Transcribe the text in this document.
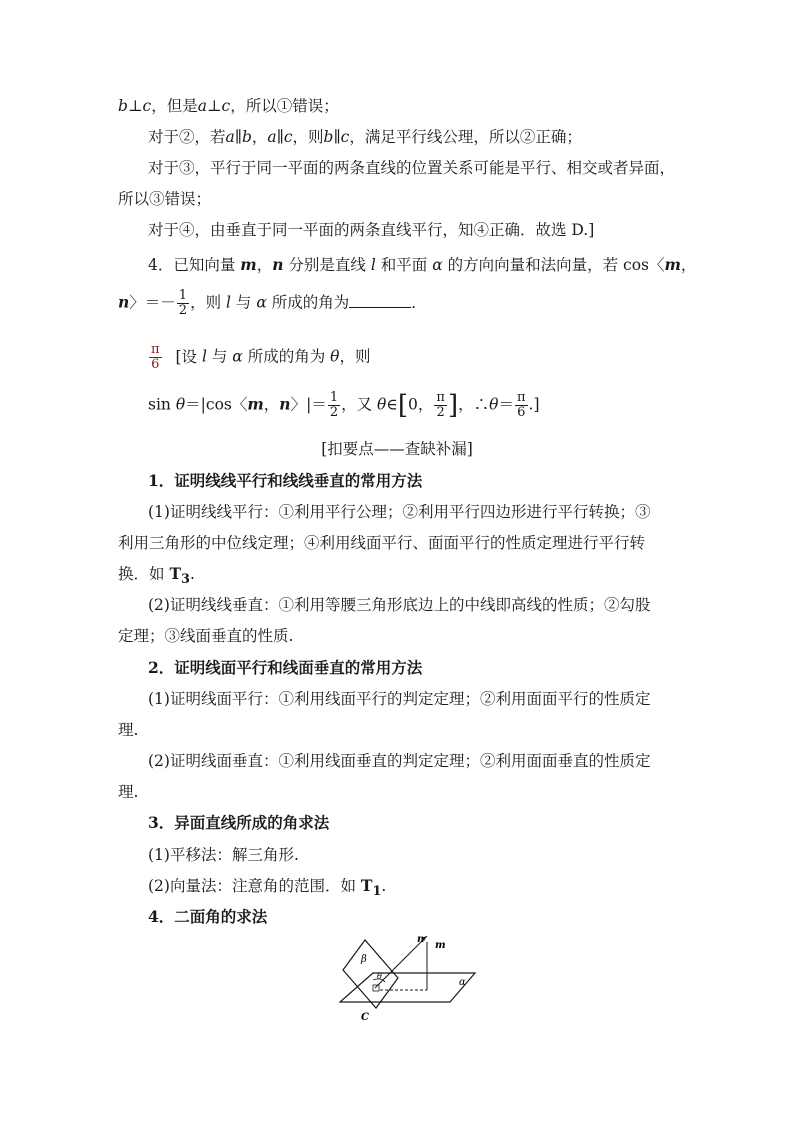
b⊥c，但是a⊥c，所以①错误；
对于②，若a∥b，a∥c，则b∥c，满足平行线公理，所以②正确；
对于③，平行于同一平面的两条直线的位置关系可能是平行、相交或者异面，
所以③错误；
对于④，由垂直于同一平面的两条直线平行，知④正确．故选 D.]
4．已知向量 m，n 分别是直线 l 和平面 α 的方向向量和法向量，若 cos〈m，
n〉＝－ $\frac{1}{2}$ ，则 l 与 α 所成的角为	．
$\frac{\pi}{6}$ [设 l 与 α 所成的角为 θ，则
sin θ＝|cos〈m，n〉|＝ $\frac{1}{2}$ ，又 θ∈[0， $\frac{\pi}{2}$ ]，∴θ＝ $\frac{\pi}{6}$ .]
[扣要点——查缺补漏]
1．证明线线平行和线线垂直的常用方法
(1)证明线线平行：①利用平行公理；②利用平行四边形进行平行转换；③
利用三角形的中位线定理；④利用线面平行、面面平行的性质定理进行平行转
换．如 $T_3$.
(2)证明线线垂直：①利用等腰三角形底边上的中线即高线的性质；②勾股
定理；③线面垂直的性质.
2．证明线面平行和线面垂直的常用方法
(1)证明线面平行：①利用线面平行的判定定理；②利用面面平行的性质定
理.
(2)证明线面垂直：①利用线面垂直的判定定理；②利用面面垂直的性质定
理.
3．异面直线所成的角求法
(1)平移法：解三角形.
(2)向量法：注意角的范围．如 $T_1$.
4．二面角的求法
β
θ
α
n
m
C
